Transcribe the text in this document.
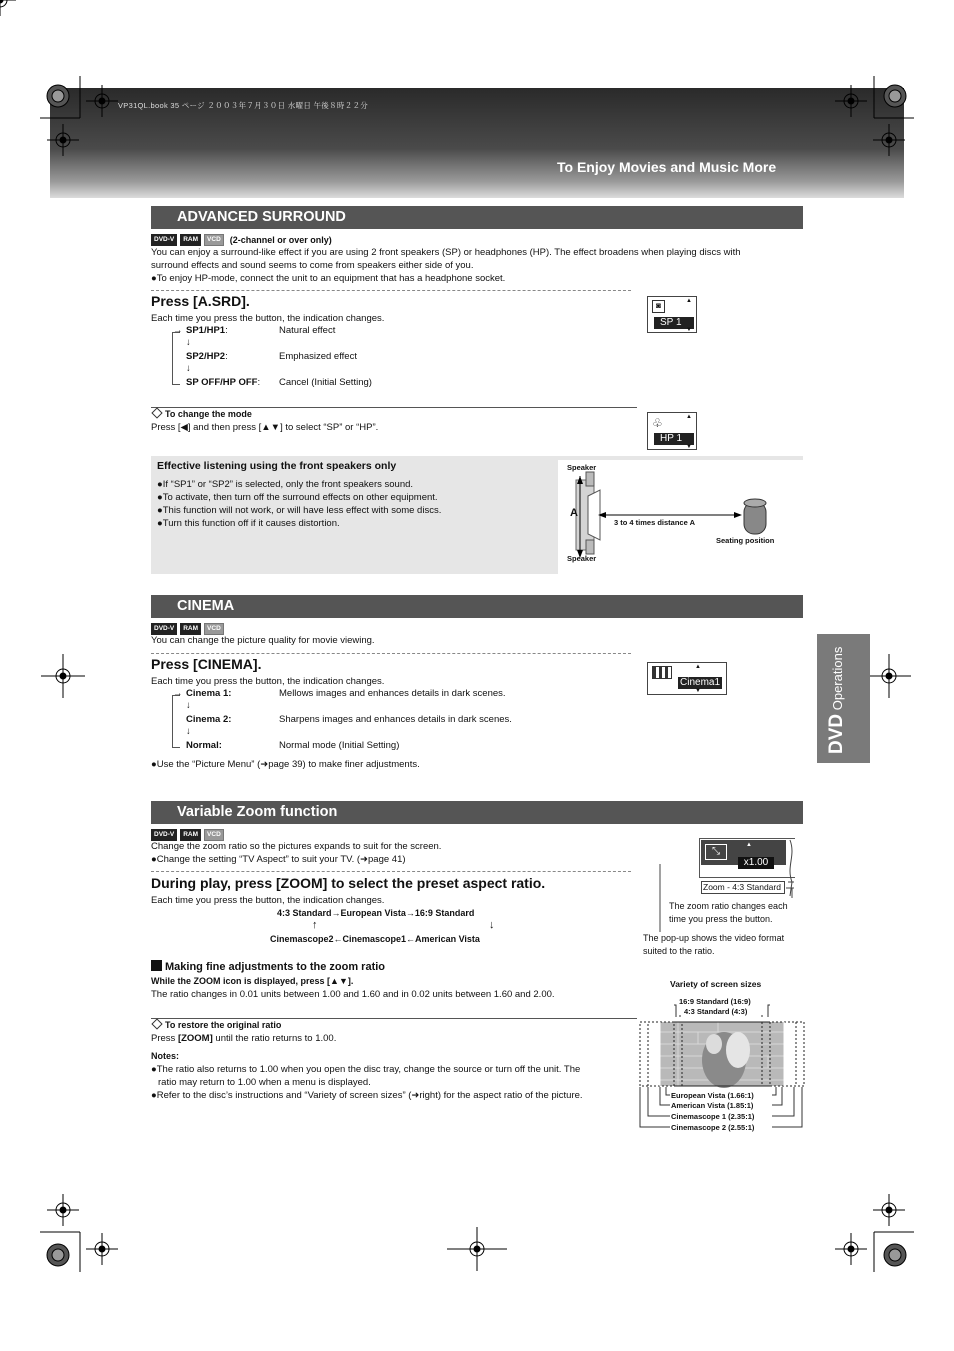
VP31QL.book 35 ページ ２００３年７月３０日 水曜日 午後８時２２分
To Enjoy Movies and Music More
DVD Operations
ADVANCED SURROUND
DVD-V	RAM	VCD	(2-channel or over only)
You can enjoy a surround-like effect if you are using 2 front speakers (SP) or headphones (HP). The effect broadens when playing discs with
surround effects and sound seems to come from speakers either side of you.
●To enjoy HP-mode, connect the unit to an equipment that has a headphone socket.
Press [A.SRD].
Each time you press the button, the indication changes.
SP1/HP1:	Natural effect
↓
SP2/HP2:	Emphasized effect
↓
SP OFF/HP OFF: Cancel (Initial Setting)
→
◙	▲
SP 1
▼
To change the mode
Press [◀] and then press [▲▼] to select “SP” or “HP”.	♧	▲
HP 1
▼
Effective listening using the front speakers only
●If “SP1” or “SP2” is selected, only the front speakers sound.
●To activate, then turn off the surround effects on other equipment.
●This function will not work, or will have less effect with some discs.
●Turn this function off if it causes distortion.
Speaker
Speaker
A
3 to 4 times distance A
Seating position
CINEMA
DVD-V	RAM	VCD
You can change the picture quality for movie viewing.
Press [CINEMA].
Each time you press the button, the indication changes.
Cinema 1:	Mellows images and enhances details in dark scenes.
↓
Cinema 2:	Sharpens images and enhances details in dark scenes.
↓
Normal:	Normal mode (Initial Setting)
→
●Use the “Picture Menu” (➜page 39) to make finer adjustments.
▲
Cinema1
▼
Variable Zoom function
DVD-V	RAM	VCD
Change the zoom ratio so the pictures expands to suit for the screen.
●Change the setting “TV Aspect” to suit your TV. (➜page 41)
During play, press [ZOOM] to select the preset aspect ratio.
Each time you press the button, the indication changes.
4:3 Standard→European Vista→16:9 Standard
↑	↓
Cinemascope2←Cinemascope1←American Vista
Making fine adjustments to the zoom ratio
While the ZOOM icon is displayed, press [▲▼].
The ratio changes in 0.01 units between 1.00 and 1.60 and in 0.02 units between 1.60 and 2.00.
To restore the original ratio
Press [ZOOM] until the ratio returns to 1.00.
Notes:
●The ratio also returns to 1.00 when you open the disc tray, change the source or turn off the unit. The
ratio may return to 1.00 when a menu is displayed.
●Refer to the disc’s instructions and “Variety of screen sizes” (➜right) for the aspect ratio of the picture.
⤡
▲
x1.00
Zoom - 4:3 Standard
The zoom ratio changes each
time you press the button.
The pop-up shows the video format
suited to the ratio.
Variety of screen sizes
16:9 Standard (16:9)
4:3 Standard (4:3)
European Vista (1.66:1)
American Vista (1.85:1)
Cinemascope 1 (2.35:1)
Cinemascope 2 (2.55:1)
